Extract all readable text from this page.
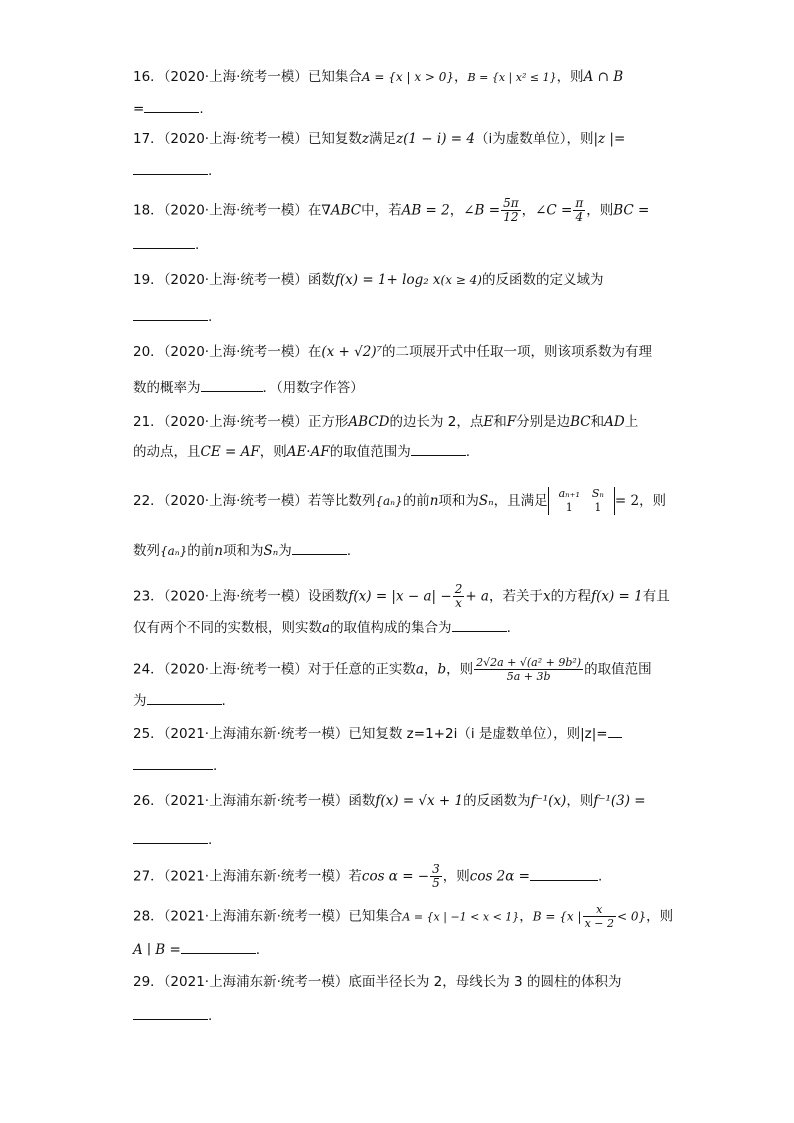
16．（2020·上海·统考一模）已知集合A = {x | x > 0}，B = {x | x² ≤ 1}，则A ∩ B
=	.
17．（2020·上海·统考一模）已知复数z满足z(1 − i) = 4（i为虚数单位），则|z |=
.
18．（2020·上海·统考一模）在∇ABC中，若AB = 2，∠B = $\frac{5\pi}{12}$ ，∠C = $\frac{\pi}{4}$ ，则BC =
.
19．（2020·上海·统考一模）函数f(x) = 1+ log₂ x(x ≥ 4)的反函数的定义域为
.
20．（2020·上海·统考一模）在(x + √2)⁷的二项展开式中任取一项，则该项系数为有理
数的概率为	．（用数字作答）
21．（2020·上海·统考一模）正方形ABCD的边长为 2，点E和F分别是边BC和AD上
的动点，且CE = AF，则AE·AF的取值范围为	.
22．（2020·上海·统考一模）若等比数列{aₙ}的前n项和为Sₙ，且满足 aₙ₊₁	Sₙ
1	1 = 2，则
数列{aₙ}的前n项和为Sₙ为	.
23．（2020·上海·统考一模）设函数$f(x) = |x - a| - \frac{2}{x} + a$，若关于x的方程f(x) = 1有且
仅有两个不同的实数根，则实数a的取值构成的集合为	.
24．（2020·上海·统考一模）对于任意的正实数a，b，则 $\frac{\text{2√2a + √(a² + 9b²)}}{5a + 3b}$ 的取值范围
为	.
25．（2021·上海浦东新·统考一模）已知复数 z=1+2i（i 是虚数单位），则|z|=
.
26．（2021·上海浦东新·统考一模）函数f(x) = √x + 1的反函数为f⁻¹(x)，则f⁻¹(3) =
.
27．（2021·上海浦东新·统考一模）若cos α = − $\frac{3}{5}$ ，则cos 2α =	.
28．（2021·上海浦东新·统考一模）已知集合A = {x | −1 < x < 1}，B = {x | $\frac{x}{x - 2} < 0$}，则
A ∣ B =	.
29．（2021·上海浦东新·统考一模）底面半径长为 2，母线长为 3 的圆柱的体积为
.
